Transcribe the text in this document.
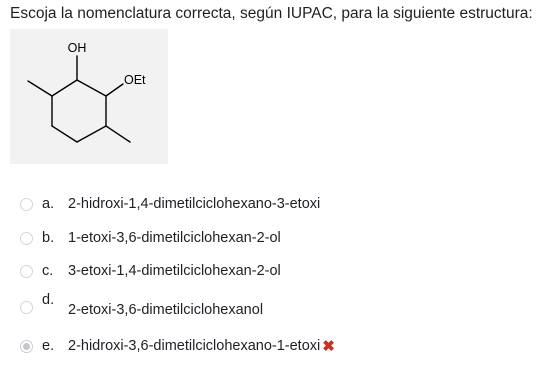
Escoja la nomenclatura correcta, según IUPAC, para la siguiente estructura:
OH
OEt
a. 2-hidroxi-1,4-dimetilciclohexano-3-etoxi
b. 1-etoxi-3,6-dimetilciclohexan-2-ol
c.	3-etoxi-1,4-dimetilciclohexan-2-ol
d.
2-etoxi-3,6-dimetilciclohexanol
e. 2-hidroxi-3,6-dimetilciclohexano-1-etoxi ✖
